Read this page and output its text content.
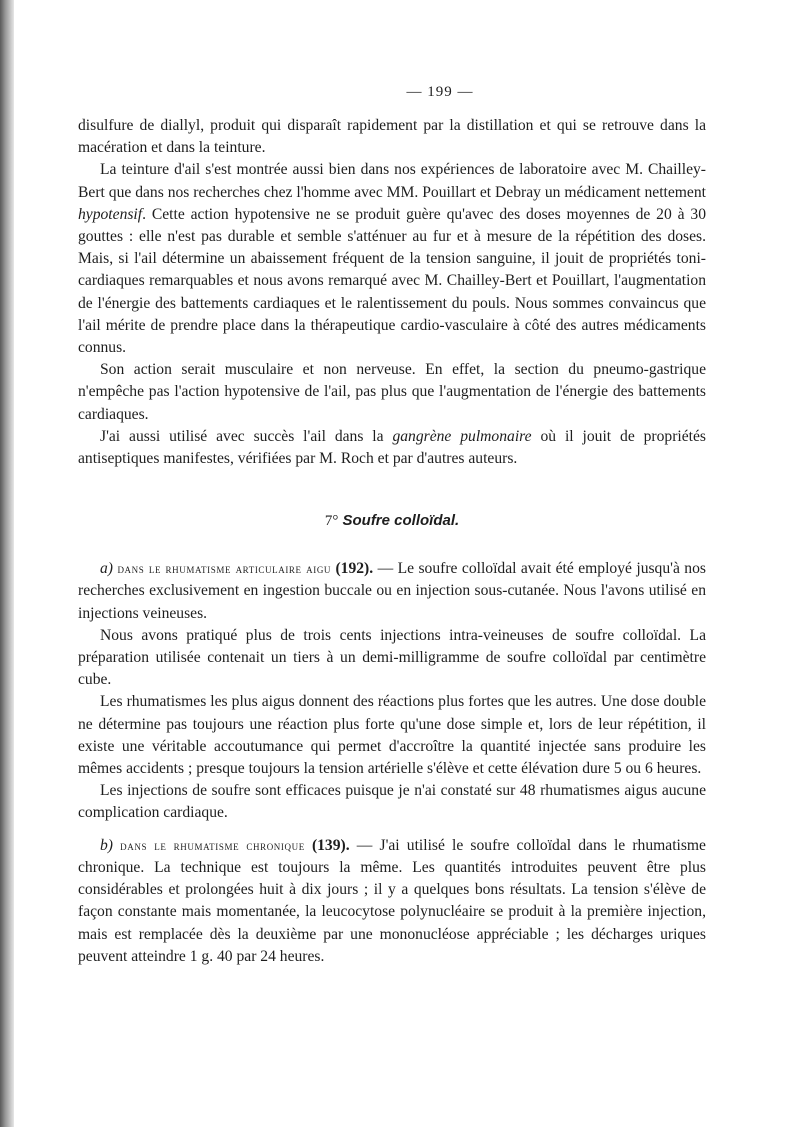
— 199 —

disulfure de diallyl, produit qui disparaît rapidement par la distillation et qui se retrouve dans la macération et dans la teinture.

La teinture d'ail s'est montrée aussi bien dans nos expériences de laboratoire avec M. Chailley-Bert que dans nos recherches chez l'homme avec MM. Pouillart et Debray un médicament nettement hypotensif. Cette action hypotensive ne se produit guère qu'avec des doses moyennes de 20 à 30 gouttes : elle n'est pas durable et semble s'atténuer au fur et à mesure de la répétition des doses. Mais, si l'ail détermine un abaissement fréquent de la tension sanguine, il jouit de propriétés toni-cardiaques remarquables et nous avons remarqué avec M. Chailley-Bert et Pouillart, l'augmentation de l'énergie des battements cardiaques et le ralentissement du pouls. Nous sommes convaincus que l'ail mérite de prendre place dans la thérapeutique cardio-vasculaire à côté des autres médicaments connus.

Son action serait musculaire et non nerveuse. En effet, la section du pneumo-gastrique n'empêche pas l'action hypotensive de l'ail, pas plus que l'augmentation de l'énergie des battements cardiaques.

J'ai aussi utilisé avec succès l'ail dans la gangrène pulmonaire où il jouit de propriétés antiseptiques manifestes, vérifiées par M. Roch et par d'autres auteurs.

7° Soufre colloïdal.

a) dans le rhumatisme articulaire aigu (192). — Le soufre colloïdal avait été employé jusqu'à nos recherches exclusivement en ingestion buccale ou en injection sous-cutanée. Nous l'avons utilisé en injections veineuses.

Nous avons pratiqué plus de trois cents injections intra-veineuses de soufre colloïdal. La préparation utilisée contenait un tiers à un demi-milligramme de soufre colloïdal par centimètre cube.

Les rhumatismes les plus aigus donnent des réactions plus fortes que les autres. Une dose double ne détermine pas toujours une réaction plus forte qu'une dose simple et, lors de leur répétition, il existe une véritable accoutumance qui permet d'accroître la quantité injectée sans produire les mêmes accidents ; presque toujours la tension artérielle s'élève et cette élévation dure 5 ou 6 heures.

Les injections de soufre sont efficaces puisque je n'ai constaté sur 48 rhumatismes aigus aucune complication cardiaque.

b) dans le rhumatisme chronique (139). — J'ai utilisé le soufre colloïdal dans le rhumatisme chronique. La technique est toujours la même. Les quantités introduites peuvent être plus considérables et prolongées huit à dix jours ; il y a quelques bons résultats. La tension s'élève de façon constante mais momentanée, la leucocytose polynucléaire se produit à la première injection, mais est remplacée dès la deuxième par une mononucléose appréciable ; les décharges uriques peuvent atteindre 1 g. 40 par 24 heures.
